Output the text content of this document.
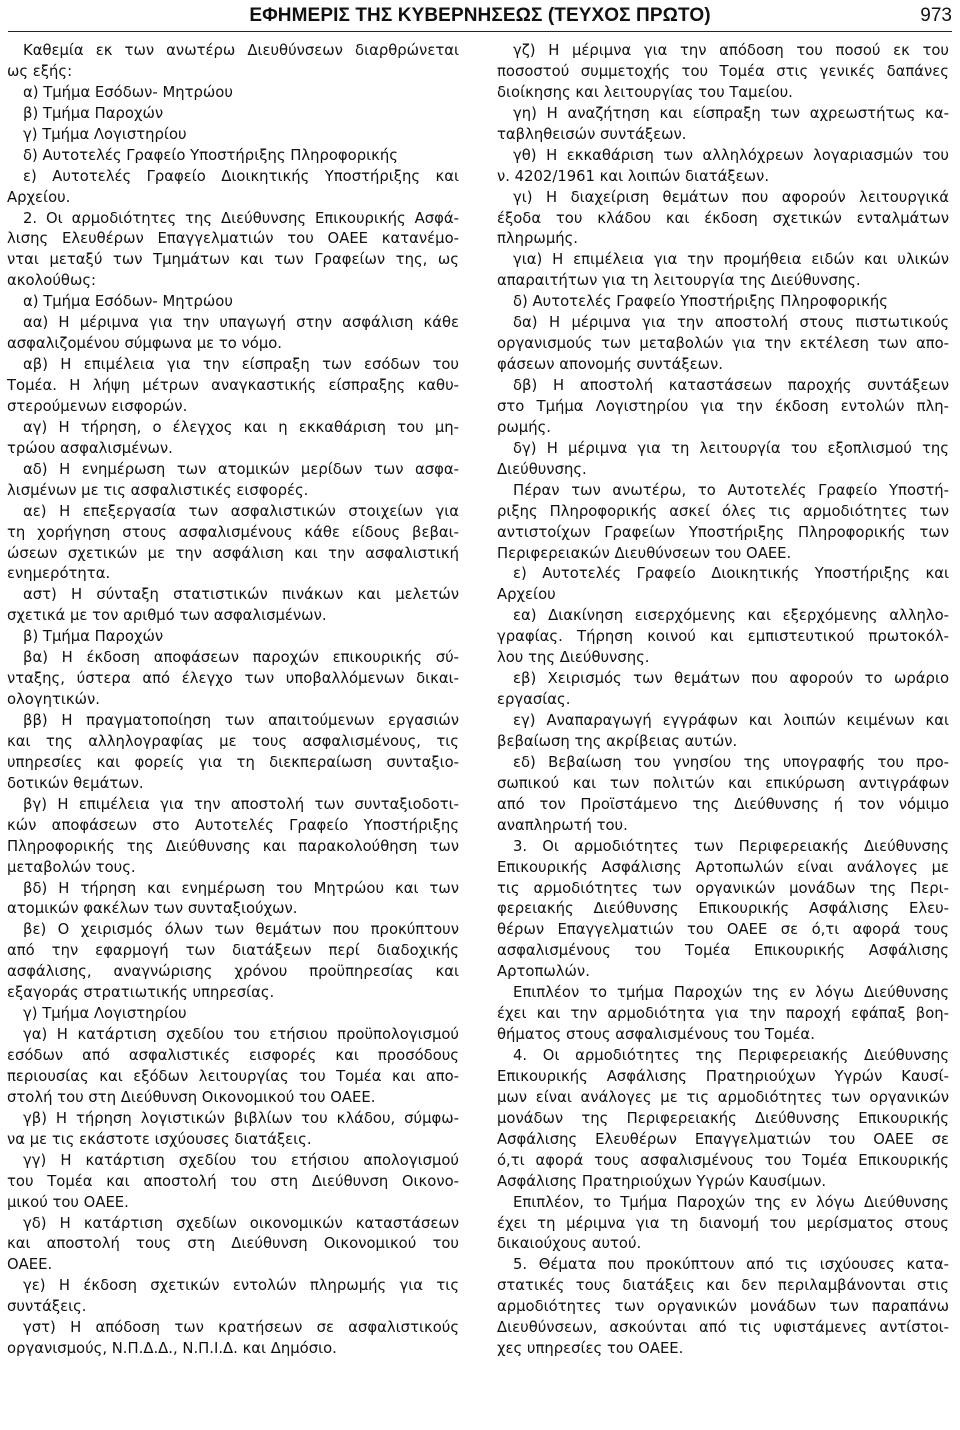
ΕΦΗΜΕΡΙΣ ΤΗΣ ΚΥΒΕΡΝΗΣΕΩΣ (ΤΕΥΧΟΣ ΠΡΩΤΟ)	973
Καθεμία εκ των ανωτέρω Διευθύνσεων διαρθρώνεται
ως εξής:
α) Τμήμα Εσόδων- Μητρώου
β) Τμήμα Παροχών
γ) Τμήμα Λογιστηρίου
δ) Αυτοτελές Γραφείο Υποστήριξης Πληροφορικής
ε) Αυτοτελές Γραφείο Διοικητικής Υποστήριξης και
Αρχείου.
2. Οι αρμοδιότητες της Διεύθυνσης Επικουρικής Ασφά-
λισης Ελευθέρων Επαγγελματιών του ΟΑΕΕ κατανέμο-
νται μεταξύ των Τμημάτων και των Γραφείων της, ως
ακολούθως:
α) Τμήμα Εσόδων- Μητρώου
αα) Η μέριμνα για την υπαγωγή στην ασφάλιση κάθε
ασφαλιζομένου σύμφωνα με το νόμο.
αβ) Η επιμέλεια για την είσπραξη των εσόδων του
Τομέα. Η λήψη μέτρων αναγκαστικής είσπραξης καθυ-
στερούμενων εισφορών.
αγ) Η τήρηση, ο έλεγχος και η εκκαθάριση του μη-
τρώου ασφαλισμένων.
αδ) Η ενημέρωση των ατομικών μερίδων των ασφα-
λισμένων με τις ασφαλιστικές εισφορές.
αε) Η επεξεργασία των ασφαλιστικών στοιχείων για
τη χορήγηση στους ασφαλισμένους κάθε είδους βεβαι-
ώσεων σχετικών με την ασφάλιση και την ασφαλιστική
ενημερότητα.
αστ) Η σύνταξη στατιστικών πινάκων και μελετών
σχετικά με τον αριθμό των ασφαλισμένων.
β) Τμήμα Παροχών
βα) Η έκδοση αποφάσεων παροχών επικουρικής σύ-
νταξης, ύστερα από έλεγχο των υποβαλλόμενων δικαι-
ολογητικών.
ββ) Η πραγματοποίηση των απαιτούμενων εργασιών
και της αλληλογραφίας με τους ασφαλισμένους, τις
υπηρεσίες και φορείς για τη διεκπεραίωση συνταξιο-
δοτικών θεμάτων.
βγ) Η επιμέλεια για την αποστολή των συνταξιοδοτι-
κών αποφάσεων στο Αυτοτελές Γραφείο Υποστήριξης
Πληροφορικής της Διεύθυνσης και παρακολούθηση των
μεταβολών τους.
βδ) Η τήρηση και ενημέρωση του Μητρώου και των
ατομικών φακέλων των συνταξιούχων.
βε) Ο χειρισμός όλων των θεμάτων που προκύπτουν
από την εφαρμογή των διατάξεων περί διαδοχικής
ασφάλισης, αναγνώρισης χρόνου προϋπηρεσίας και
εξαγοράς στρατιωτικής υπηρεσίας.
γ) Τμήμα Λογιστηρίου
γα) Η κατάρτιση σχεδίου του ετήσιου προϋπολογισμού
εσόδων από ασφαλιστικές εισφορές και προσόδους
περιουσίας και εξόδων λειτουργίας του Τομέα και απο-
στολή του στη Διεύθυνση Οικονομικού του ΟΑΕΕ.
γβ) Η τήρηση λογιστικών βιβλίων του κλάδου, σύμφω-
να με τις εκάστοτε ισχύουσες διατάξεις.
γγ) Η κατάρτιση σχεδίου του ετήσιου απολογισμού
του Τομέα και αποστολή του στη Διεύθυνση Οικονο-
μικού του ΟΑΕΕ.
γδ) Η κατάρτιση σχεδίων οικονομικών καταστάσεων
και αποστολή τους στη Διεύθυνση Οικονομικού του
ΟΑΕΕ.
γε) Η έκδοση σχετικών εντολών πληρωμής για τις
συντάξεις.
γστ) Η απόδοση των κρατήσεων σε ασφαλιστικούς
οργανισμούς, Ν.Π.Δ.Δ., Ν.Π.Ι.Δ. και Δημόσιο.
γζ) Η μέριμνα για την απόδοση του ποσού εκ του
ποσοστού συμμετοχής του Τομέα στις γενικές δαπάνες
διοίκησης και λειτουργίας του Ταμείου.
γη) Η αναζήτηση και είσπραξη των αχρεωστήτως κα-
ταβληθεισών συντάξεων.
γθ) Η εκκαθάριση των αλληλόχρεων λογαριασμών του
ν. 4202/1961 και λοιπών διατάξεων.
γι) Η διαχείριση θεμάτων που αφορούν λειτουργικά
έξοδα του κλάδου και έκδοση σχετικών ενταλμάτων
πληρωμής.
για) Η επιμέλεια για την προμήθεια ειδών και υλικών
απαραιτήτων για τη λειτουργία της Διεύθυνσης.
δ) Αυτοτελές Γραφείο Υποστήριξης Πληροφορικής
δα) Η μέριμνα για την αποστολή στους πιστωτικούς
οργανισμούς των μεταβολών για την εκτέλεση των απο-
φάσεων απονομής συντάξεων.
δβ) Η αποστολή καταστάσεων παροχής συντάξεων
στο Τμήμα Λογιστηρίου για την έκδοση εντολών πλη-
ρωμής.
δγ) Η μέριμνα για τη λειτουργία του εξοπλισμού της
Διεύθυνσης.
Πέραν των ανωτέρω, το Αυτοτελές Γραφείο Υποστή-
ριξης Πληροφορικής ασκεί όλες τις αρμοδιότητες των
αντιστοίχων Γραφείων Υποστήριξης Πληροφορικής των
Περιφερειακών Διευθύνσεων του ΟΑΕΕ.
ε) Αυτοτελές Γραφείο Διοικητικής Υποστήριξης και
Αρχείου
εα) Διακίνηση εισερχόμενης και εξερχόμενης αλληλο-
γραφίας. Τήρηση κοινού και εμπιστευτικού πρωτοκόλ-
λου της Διεύθυνσης.
εβ) Χειρισμός των θεμάτων που αφορούν το ωράριο
εργασίας.
εγ) Αναπαραγωγή εγγράφων και λοιπών κειμένων και
βεβαίωση της ακρίβειας αυτών.
εδ) Βεβαίωση του γνησίου της υπογραφής του προ-
σωπικού και των πολιτών και επικύρωση αντιγράφων
από τον Προϊστάμενο της Διεύθυνσης ή τον νόμιμο
αναπληρωτή του.
3. Οι αρμοδιότητες των Περιφερειακής Διεύθυνσης
Επικουρικής Ασφάλισης Αρτοπωλών είναι ανάλογες με
τις αρμοδιότητες των οργανικών μονάδων της Περι-
φερειακής Διεύθυνσης Επικουρικής Ασφάλισης Ελευ-
θέρων Επαγγελματιών του ΟΑΕΕ σε ό,τι αφορά τους
ασφαλισμένους του Τομέα Επικουρικής Ασφάλισης
Αρτοπωλών.
Επιπλέον το τμήμα Παροχών της εν λόγω Διεύθυνσης
έχει και την αρμοδιότητα για την παροχή εφάπαξ βοη-
θήματος στους ασφαλισμένους του Τομέα.
4. Οι αρμοδιότητες της Περιφερειακής Διεύθυνσης
Επικουρικής Ασφάλισης Πρατηριούχων Υγρών Καυσί-
μων είναι ανάλογες με τις αρμοδιότητες των οργανικών
μονάδων της Περιφερειακής Διεύθυνσης Επικουρικής
Ασφάλισης Ελευθέρων Επαγγελματιών του ΟΑΕΕ σε
ό,τι αφορά τους ασφαλισμένους του Τομέα Επικουρικής
Ασφάλισης Πρατηριούχων Υγρών Καυσίμων.
Επιπλέον, το Τμήμα Παροχών της εν λόγω Διεύθυνσης
έχει τη μέριμνα για τη διανομή του μερίσματος στους
δικαιούχους αυτού.
5. Θέματα που προκύπτουν από τις ισχύουσες κατα-
στατικές τους διατάξεις και δεν περιλαμβάνονται στις
αρμοδιότητες των οργανικών μονάδων των παραπάνω
Διευθύνσεων, ασκούνται από τις υφιστάμενες αντίστοι-
χες υπηρεσίες του ΟΑΕΕ.
